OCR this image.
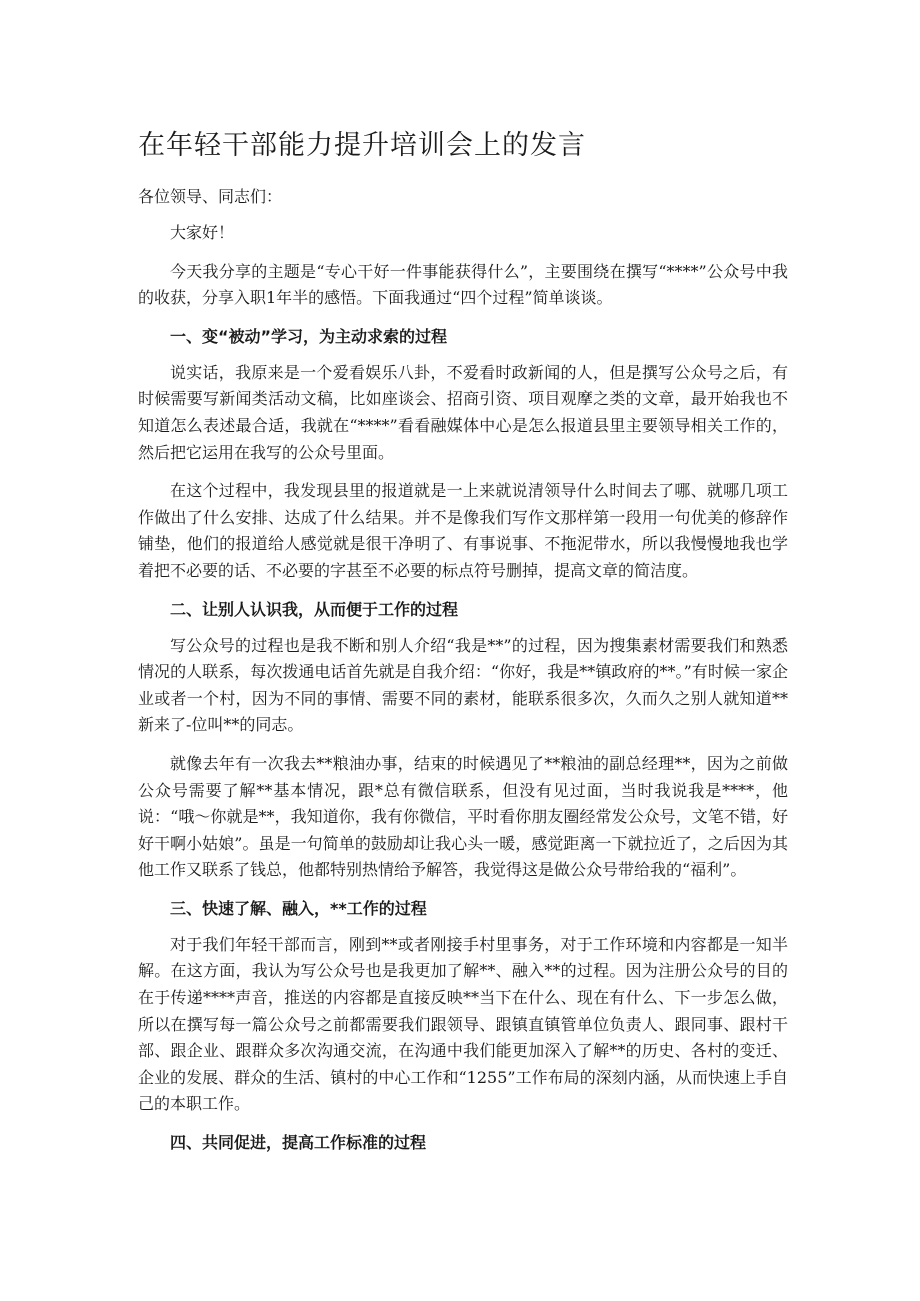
在年轻干部能力提升培训会上的发言

各位领导、同志们：

大家好！

今天我分享的主题是“专心干好一件事能获得什么”，主要围绕在撰写“****”公众号中我的收获，分享入职1年半的感悟。下面我通过“四个过程”简单谈谈。

一、变“被动”学习，为主动求索的过程

说实话，我原来是一个爱看娱乐八卦，不爱看时政新闻的人，但是撰写公众号之后，有时候需要写新闻类活动文稿，比如座谈会、招商引资、项目观摩之类的文章，最开始我也不知道怎么表述最合适，我就在“****”看看融媒体中心是怎么报道县里主要领导相关工作的，然后把它运用在我写的公众号里面。

在这个过程中，我发现县里的报道就是一上来就说清领导什么时间去了哪、就哪几项工作做出了什么安排、达成了什么结果。并不是像我们写作文那样第一段用一句优美的修辞作铺垫，他们的报道给人感觉就是很干净明了、有事说事、不拖泥带水，所以我慢慢地我也学着把不必要的话、不必要的字甚至不必要的标点符号删掉，提高文章的简洁度。

二、让别人认识我，从而便于工作的过程

写公众号的过程也是我不断和别人介绍“我是**”的过程，因为搜集素材需要我们和熟悉情况的人联系，每次拨通电话首先就是自我介绍：“你好，我是**镇政府的**。”有时候一家企业或者一个村，因为不同的事情、需要不同的素材，能联系很多次，久而久之别人就知道**新来了-位叫**的同志。

就像去年有一次我去**粮油办事，结束的时候遇见了**粮油的副总经理**，因为之前做公众号需要了解**基本情况，跟*总有微信联系，但没有见过面，当时我说我是****，他说：“哦～你就是**，我知道你，我有你微信，平时看你朋友圈经常发公众号，文笔不错，好好干啊小姑娘”。虽是一句简单的鼓励却让我心头一暖，感觉距离一下就拉近了，之后因为其他工作又联系了钱总，他都特别热情给予解答，我觉得这是做公众号带给我的“福利”。

三、快速了解、融入，**工作的过程

对于我们年轻干部而言，刚到**或者刚接手村里事务，对于工作环境和内容都是一知半解。在这方面，我认为写公众号也是我更加了解**、融入**的过程。因为注册公众号的目的在于传递****声音，推送的内容都是直接反映**当下在什么、现在有什么、下一步怎么做，所以在撰写每一篇公众号之前都需要我们跟领导、跟镇直镇管单位负责人、跟同事、跟村干部、跟企业、跟群众多次沟通交流，在沟通中我们能更加深入了解**的历史、各村的变迁、企业的发展、群众的生活、镇村的中心工作和“1255”工作布局的深刻内涵，从而快速上手自己的本职工作。

四、共同促进，提高工作标准的过程
